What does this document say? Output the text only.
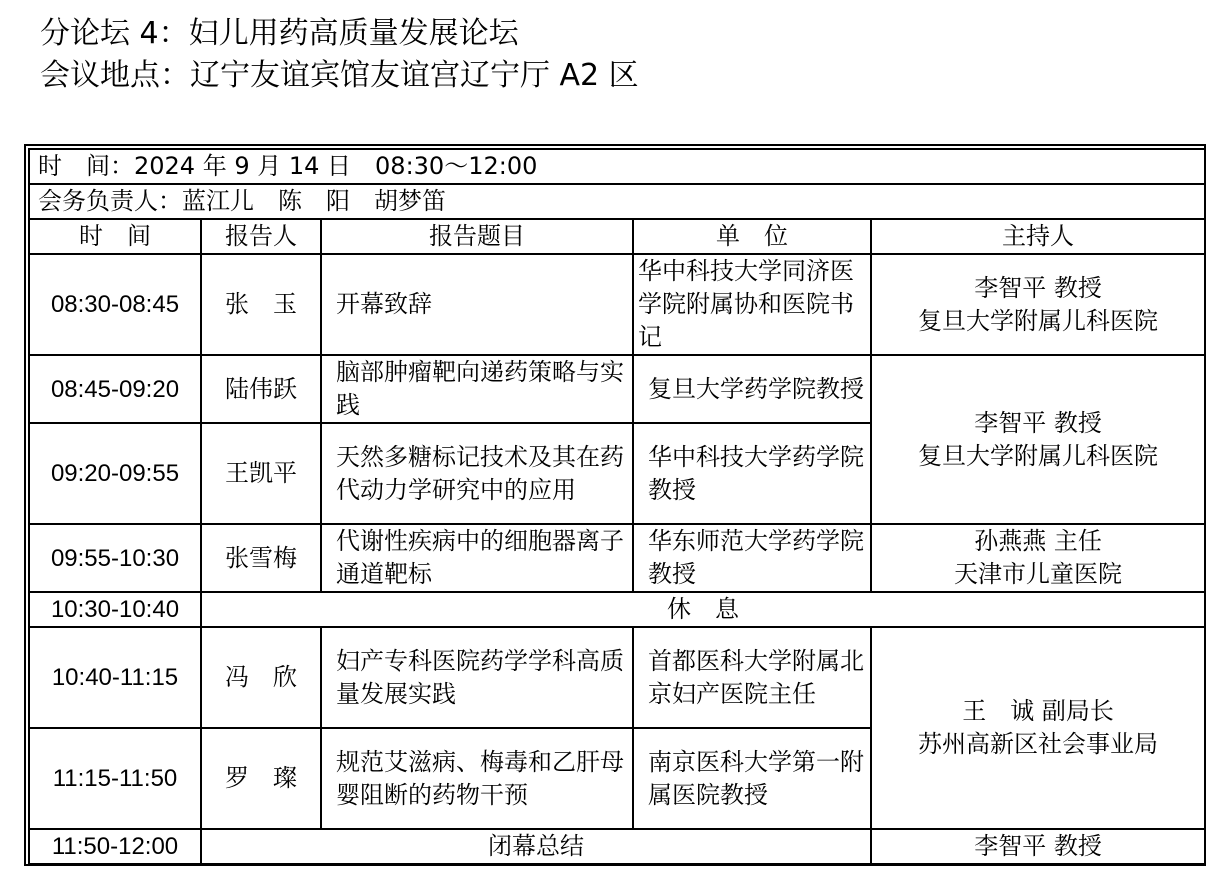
分论坛 4：妇儿用药高质量发展论坛
会议地点：辽宁友谊宾馆友谊宫辽宁厅 A2 区
时　间：2024 年 9 月 14 日　08:30～12:00				
会务负责人：蓝江儿　陈　阳　胡梦笛				
时　间	报告人	报告题目	单　位	主持人
08:30-08:45	张　玉	开幕致辞	华中科技大学同济医学院附属协和医院书记	李智平 教授
复旦大学附属儿科医院

08:45-09:20	陆伟跃	脑部肿瘤靶向递药策略与实践	复旦大学药学院教授	李智平 教授
复旦大学附属儿科医院

09:20-09:55	王凯平	天然多糖标记技术及其在药代动力学研究中的应用	华中科技大学药学院教授	
09:55-10:30	张雪梅	代谢性疾病中的细胞器离子通道靶标	华东师范大学药学院教授	孙燕燕 主任
天津市儿童医院

10:30-10:40	休　息			
10:40-11:15	冯　欣	妇产专科医院药学学科高质量发展实践	首都医科大学附属北京妇产医院主任	王　诚 副局长
苏州高新区社会事业局

11:15-11:50	罗　璨	规范艾滋病、梅毒和乙肝母婴阻断的药物干预	南京医科大学第一附属医院教授	
11:50-12:00	闭幕总结			李智平 教授
